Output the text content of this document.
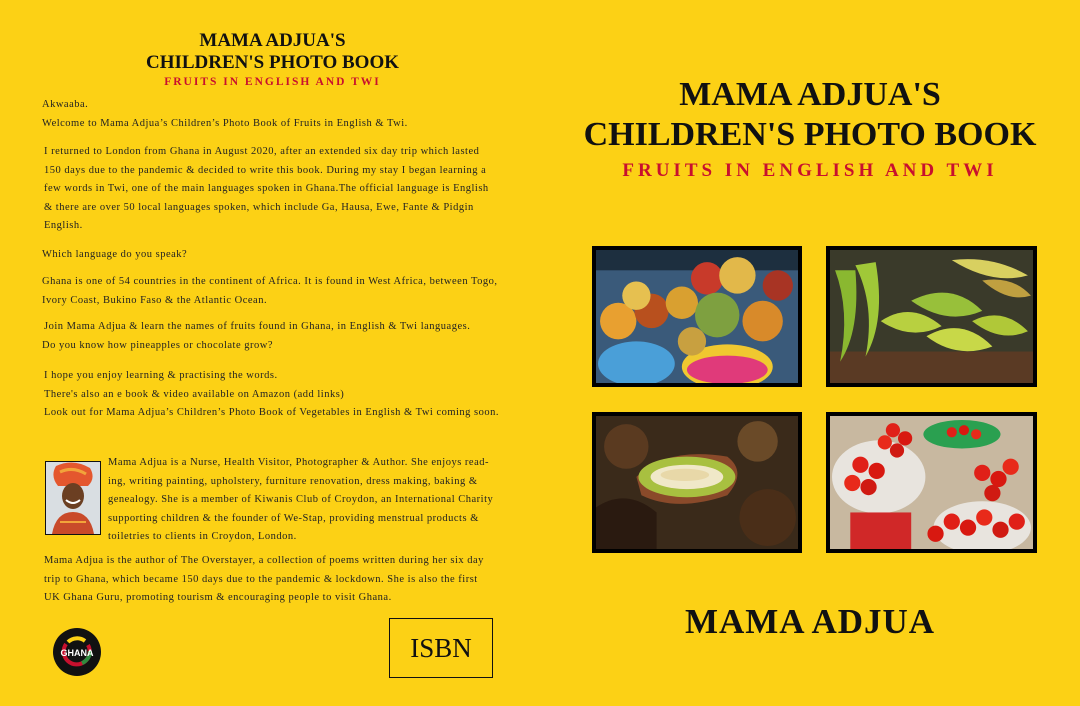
MAMA ADJUA'S
CHILDREN'S PHOTO BOOK
FRUITS IN ENGLISH AND TWI
Akwaaba.
Welcome to Mama Adjua’s Children’s Photo Book of Fruits in English & Twi.
I returned to London from Ghana in August 2020, after an extended six day trip which lasted
150 days due to the pandemic & decided to write this book. During my stay I began learning a
few words in Twi, one of the main languages spoken in Ghana.The official language is English
& there are over 50 local languages spoken, which include Ga, Hausa, Ewe, Fante & Pidgin
English.
Which language do you speak?
Ghana is one of 54 countries in the continent of Africa. It is found in West Africa, between Togo,
Ivory Coast, Bukino Faso & the Atlantic Ocean.
Join Mama Adjua & learn the names of fruits found in Ghana, in English & Twi languages.
Do you know how pineapples or chocolate grow?
I hope you enjoy learning & practising the words.
There's also an e book & video available on Amazon (add links)
Look out for Mama Adjua’s Children’s Photo Book of Vegetables in English & Twi coming soon.
Mama Adjua is a Nurse, Health Visitor, Photographer & Author. She enjoys read-
ing, writing painting, upholstery, furniture renovation, dress making, baking &
genealogy. She is a member of Kiwanis Club of Croydon, an International Charity
supporting children & the founder of We-Stap, providing menstrual products &
toiletries to clients in Croydon, London.
Mama Adjua is the author of The Overstayer, a collection of poems written during her six day
trip to Ghana, which became 150 days due to the pandemic & lockdown. She is also the first
UK Ghana Guru, promoting tourism & encouraging people to visit Ghana.
GHANA	ISBN
MAMA ADJUA'S
CHILDREN'S PHOTO BOOK
FRUITS IN ENGLISH AND TWI
MAMA ADJUA
